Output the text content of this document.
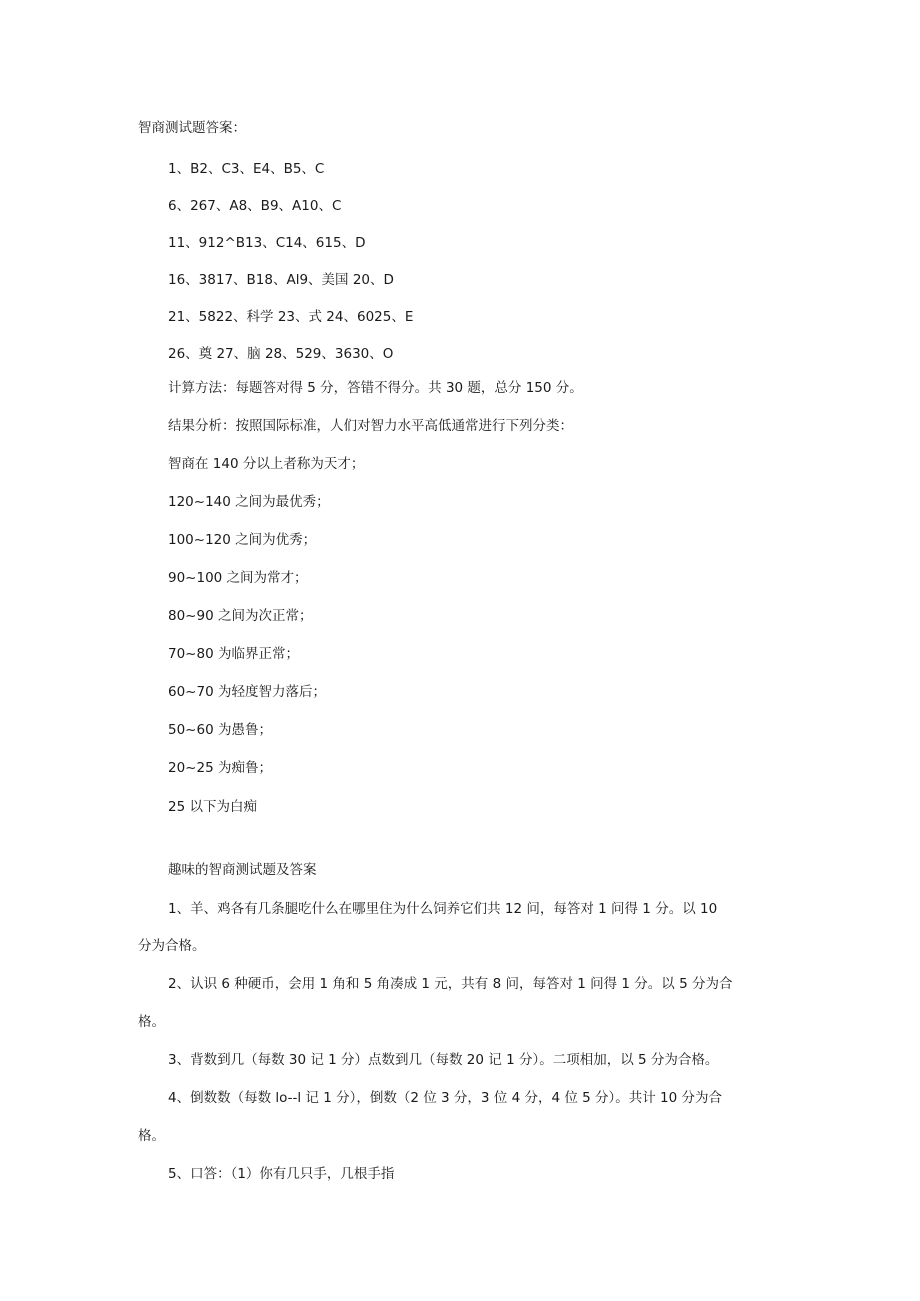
智商测试题答案：
1、B2、C3、E4、B5、C
6、267、A8、B9、A10、C
11、912^B13、C14、615、D
16、3817、B18、Al9、美国 20、D
21、5822、科学 23、式 24、6025、E
26、奠 27、脑 28、529、3630、O
计算方法：每题答对得 5 分，答错不得分。共 30 题，总分 150 分。
结果分析：按照国际标准，人们对智力水平高低通常进行下列分类：
智商在 140 分以上者称为天才；
120~140 之间为最优秀；
100~120 之间为优秀；
90~100 之间为常才；
80~90 之间为次正常；
70~80 为临界正常；
60~70 为轻度智力落后；
50~60 为愚鲁；
20~25 为痴鲁；
25 以下为白痴
趣味的智商测试题及答案
1、羊、鸡各有几条腿吃什么在哪里住为什么饲养它们共 12 问，每答对 1 问得 1 分。以 10
分为合格。
2、认识 6 种硬币，会用 1 角和 5 角凑成 1 元，共有 8 问，每答对 1 问得 1 分。以 5 分为合
格。
3、背数到几（每数 30 记 1 分）点数到几（每数 20 记 1 分）。二项相加，以 5 分为合格。
4、倒数数（每数 lo--l 记 1 分），倒数（2 位 3 分，3 位 4 分，4 位 5 分）。共计 10 分为合
格。
5、口答：（1）你有几只手，几根手指
